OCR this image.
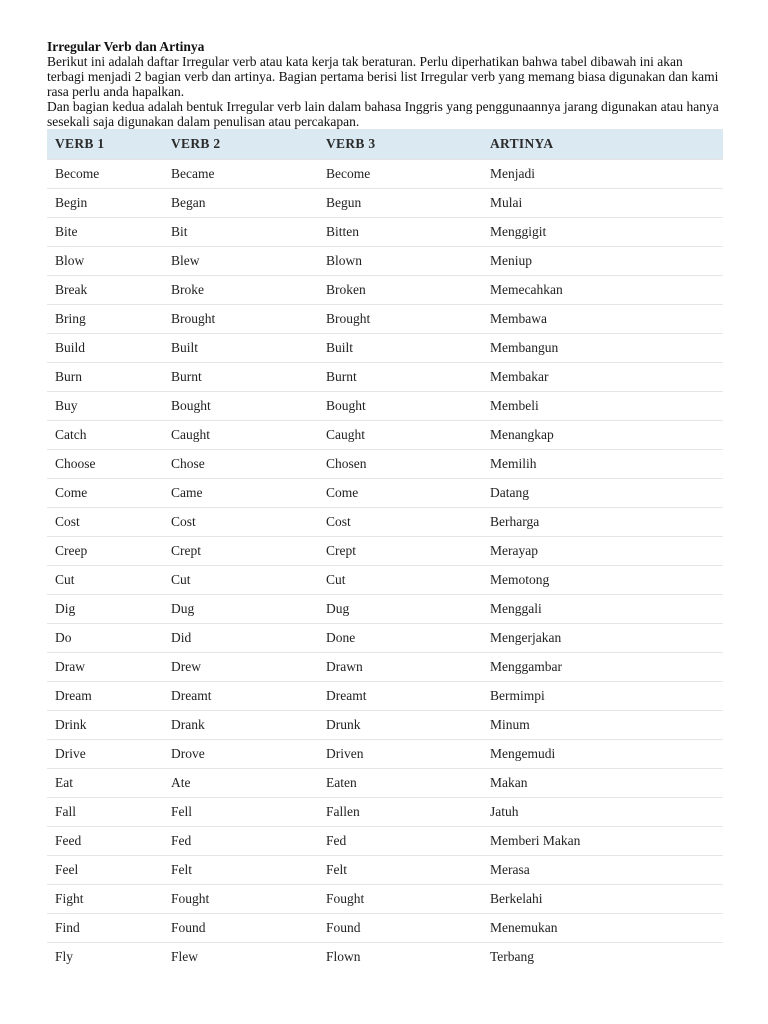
Irregular Verb dan Artinya

Berikut ini adalah daftar Irregular verb atau kata kerja tak beraturan. Perlu diperhatikan bahwa tabel dibawah ini akan terbagi menjadi 2 bagian verb dan artinya. Bagian pertama berisi list Irregular verb yang memang biasa digunakan dan kami rasa perlu anda hapalkan.

Dan bagian kedua adalah bentuk Irregular verb lain dalam bahasa Inggris yang penggunaannya jarang digunakan atau hanya sesekali saja digunakan dalam penulisan atau percakapan.

VERB 1	VERB 2	VERB 3	ARTINYA
Become	Became	Become	Menjadi
Begin	Began	Begun	Mulai
Bite	Bit	Bitten	Menggigit
Blow	Blew	Blown	Meniup
Break	Broke	Broken	Memecahkan
Bring	Brought	Brought	Membawa
Build	Built	Built	Membangun
Burn	Burnt	Burnt	Membakar
Buy	Bought	Bought	Membeli
Catch	Caught	Caught	Menangkap
Choose	Chose	Chosen	Memilih
Come	Came	Come	Datang
Cost	Cost	Cost	Berharga
Creep	Crept	Crept	Merayap
Cut	Cut	Cut	Memotong
Dig	Dug	Dug	Menggali
Do	Did	Done	Mengerjakan
Draw	Drew	Drawn	Menggambar
Dream	Dreamt	Dreamt	Bermimpi
Drink	Drank	Drunk	Minum
Drive	Drove	Driven	Mengemudi
Eat	Ate	Eaten	Makan
Fall	Fell	Fallen	Jatuh
Feed	Fed	Fed	Memberi Makan
Feel	Felt	Felt	Merasa
Fight	Fought	Fought	Berkelahi
Find	Found	Found	Menemukan
Fly	Flew	Flown	Terbang
